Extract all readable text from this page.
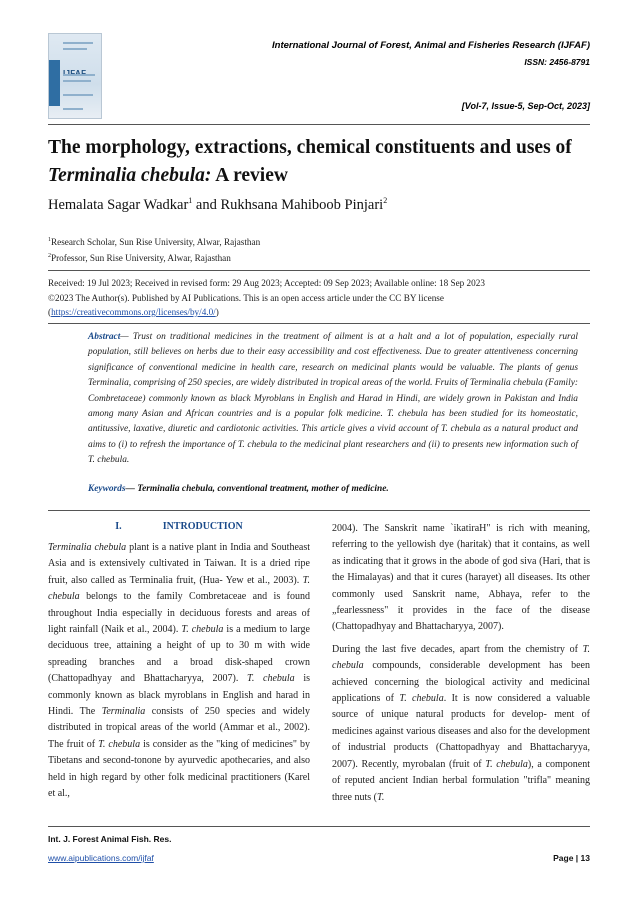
International Journal of Forest, Animal and Fisheries Research (IJFAF)
ISSN: 2456-8791
[Vol-7, Issue-5, Sep-Oct, 2023]
The morphology, extractions, chemical constituents and uses of Terminalia chebula: A review
Hemalata Sagar Wadkar$^1$ and Rukhsana Mahiboob Pinjari$^2$
$^1$Research Scholar, Sun Rise University, Alwar, Rajasthan
$^2$Professor, Sun Rise University, Alwar, Rajasthan
Received: 19 Jul 2023; Received in revised form: 29 Aug 2023; Accepted: 09 Sep 2023; Available online: 18 Sep 2023
©2023 The Author(s). Published by AI Publications. This is an open access article under the CC BY license
(https://creativecommons.org/licenses/by/4.0/)
Abstract— Trust on traditional medicines in the treatment of ailment is at a halt and a lot of population, especially rural population, still believes on herbs due to their easy accessibility and cost effectiveness. Due to greater attentiveness concerning significance of conventional medicine in health care, research on medicinal plants would be valuable. The plants of genus Terminalia, comprising of 250 species, are widely distributed in tropical areas of the world. Fruits of Terminalia chebula (Family: Combretaceae) commonly known as black Myroblans in English and Harad in Hindi, are widely grown in Pakistan and India among many Asian and African countries and is a popular folk medicine. T. chebula has been studied for its homeostatic, antitussive, laxative, diuretic and cardiotonic activities. This article gives a vivid account of T. chebula as a natural product and aims to (i) to refresh the importance of T. chebula to the medicinal plant researchers and (ii) to presents new information such of T. chebula.
Keywords— Terminalia chebula, conventional treatment, mother of medicine.
I.	INTRODUCTION

Terminalia chebula plant is a native plant in India and Southeast Asia and is extensively cultivated in Taiwan. It is a dried ripe fruit, also called as Terminalia fruit, (Hua- Yew et al., 2003). T. chebula belongs to the family Combretaceae and is found throughout India especially in deciduous forests and areas of light rainfall (Naik et al., 2004). T. chebula is a medium to large deciduous tree, attaining a height of up to 30 m with wide spreading branches and a broad disk-shaped crown (Chattopadhyay and Bhattacharyya, 2007). T. chebula is commonly known as black myroblans in English and harad in Hindi. The Terminalia consists of 250 species and widely distributed in tropical areas of the world (Ammar et al., 2002). The fruit of T. chebula is consider as the "king of medicines" by Tibetans and second-tonone by ayurvedic apothecaries, and also held in high regard by other folk medicinal practitioners (Karel et al.,

2004). The Sanskrit name `ikatiraH" is rich with meaning, referring to the yellowish dye (haritak) that it contains, as well as indicating that it grows in the abode of god siva (Hari, that is the Himalayas) and that it cures (harayet) all diseases. Its other commonly used Sanskrit name, Abhaya, refer to the „fearlessness" it provides in the face of the disease (Chattopadhyay and Bhattacharyya, 2007).

During the last five decades, apart from the chemistry of T. chebula compounds, considerable development has been achieved concerning the biological activity and medicinal applications of T. chebula. It is now considered a valuable source of unique natural products for develop- ment of medicines against various diseases and also for the development of industrial products (Chattopadhyay and Bhattacharyya, 2007). Recently, myrobalan (fruit of T. chebula), a component of reputed ancient Indian herbal formulation "trifla" meaning three nuts (T.

Int. J. Forest Animal Fish. Res.
www.aipublications.com/ijfaf	Page | 13
